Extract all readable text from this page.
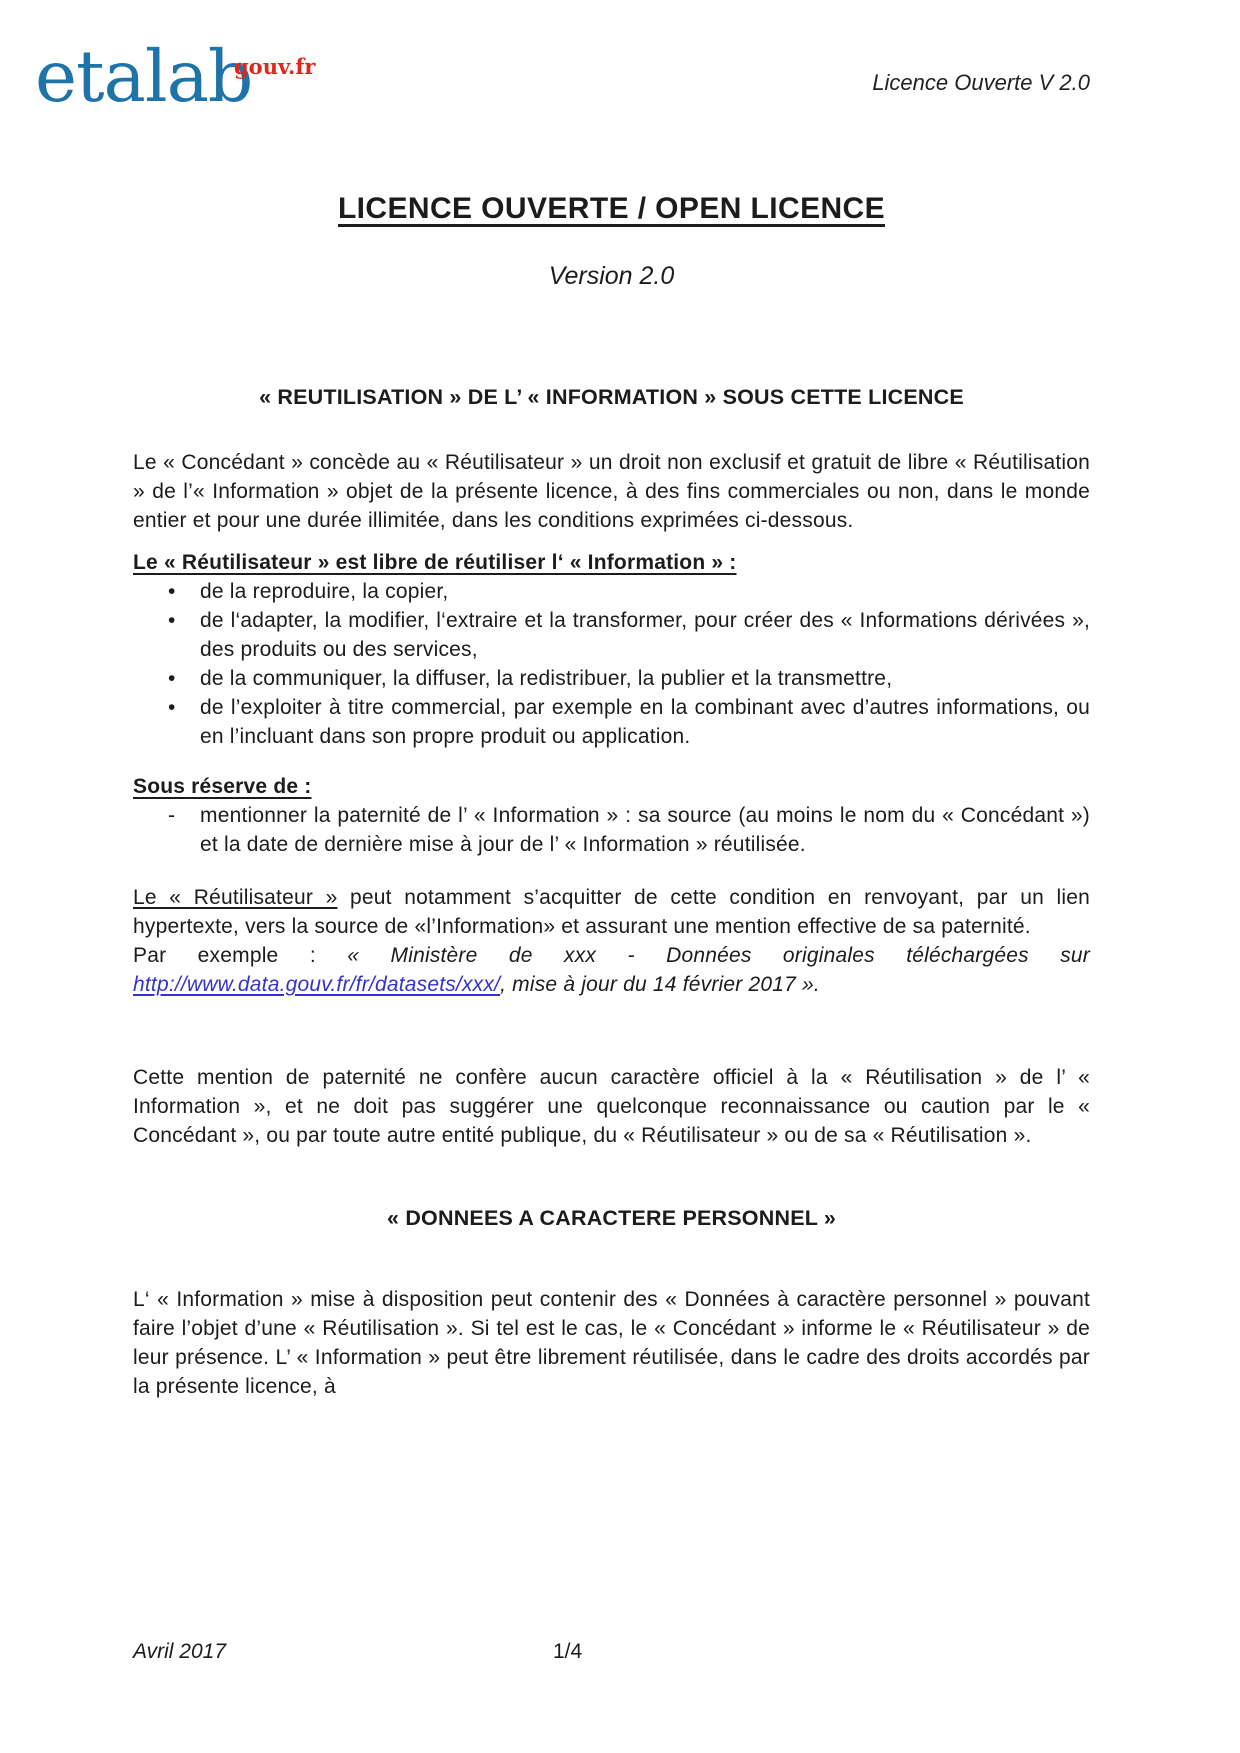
etalab
gouv.fr
Licence Ouverte V 2.0
LICENCE OUVERTE / OPEN LICENCE
Version 2.0
« REUTILISATION » DE L’ « INFORMATION » SOUS CETTE LICENCE

Le « Concédant » concède au « Réutilisateur » un droit non exclusif et gratuit de libre « Réutilisation » de l’« Information » objet de la présente licence, à des fins commerciales ou non, dans le monde entier et pour une durée illimitée, dans les conditions exprimées ci-dessous.

Le « Réutilisateur » est libre de réutiliser l‘ « Information » :
• de la reproduire, la copier,
• de l‘adapter, la modifier, l‘extraire et la transformer, pour créer des « Informations dérivées », des produits ou des services,
• de la communiquer, la diffuser, la redistribuer, la publier et la transmettre,
• de l’exploiter à titre commercial, par exemple en la combinant avec d’autres informations, ou en l’incluant dans son propre produit ou application.
Sous réserve de :
- mentionner la paternité de l’ « Information » : sa source (au moins le nom du « Concédant ») et la date de dernière mise à jour de l’ « Information » réutilisée.

Le « Réutilisateur » peut notamment s’acquitter de cette condition en renvoyant, par un lien hypertexte, vers la source de «l’Information» et assurant une mention effective de sa paternité.

Par exemple : « Ministère de xxx - Données originales téléchargées sur http://www.data.gouv.fr/fr/datasets/xxx/, mise à jour du 14 février 2017 ».

Cette mention de paternité ne confère aucun caractère officiel à la « Réutilisation » de l’ « Information », et ne doit pas suggérer une quelconque reconnaissance ou caution par le « Concédant », ou par toute autre entité publique, du « Réutilisateur » ou de sa « Réutilisation ».

« DONNEES A CARACTERE PERSONNEL »

L‘ « Information » mise à disposition peut contenir des « Données à caractère personnel » pouvant faire l’objet d’une « Réutilisation ». Si tel est le cas, le « Concédant » informe le « Réutilisateur » de leur présence. L’ « Information » peut être librement réutilisée, dans le cadre des droits accordés par la présente licence, à

Avril 2017	1/4
